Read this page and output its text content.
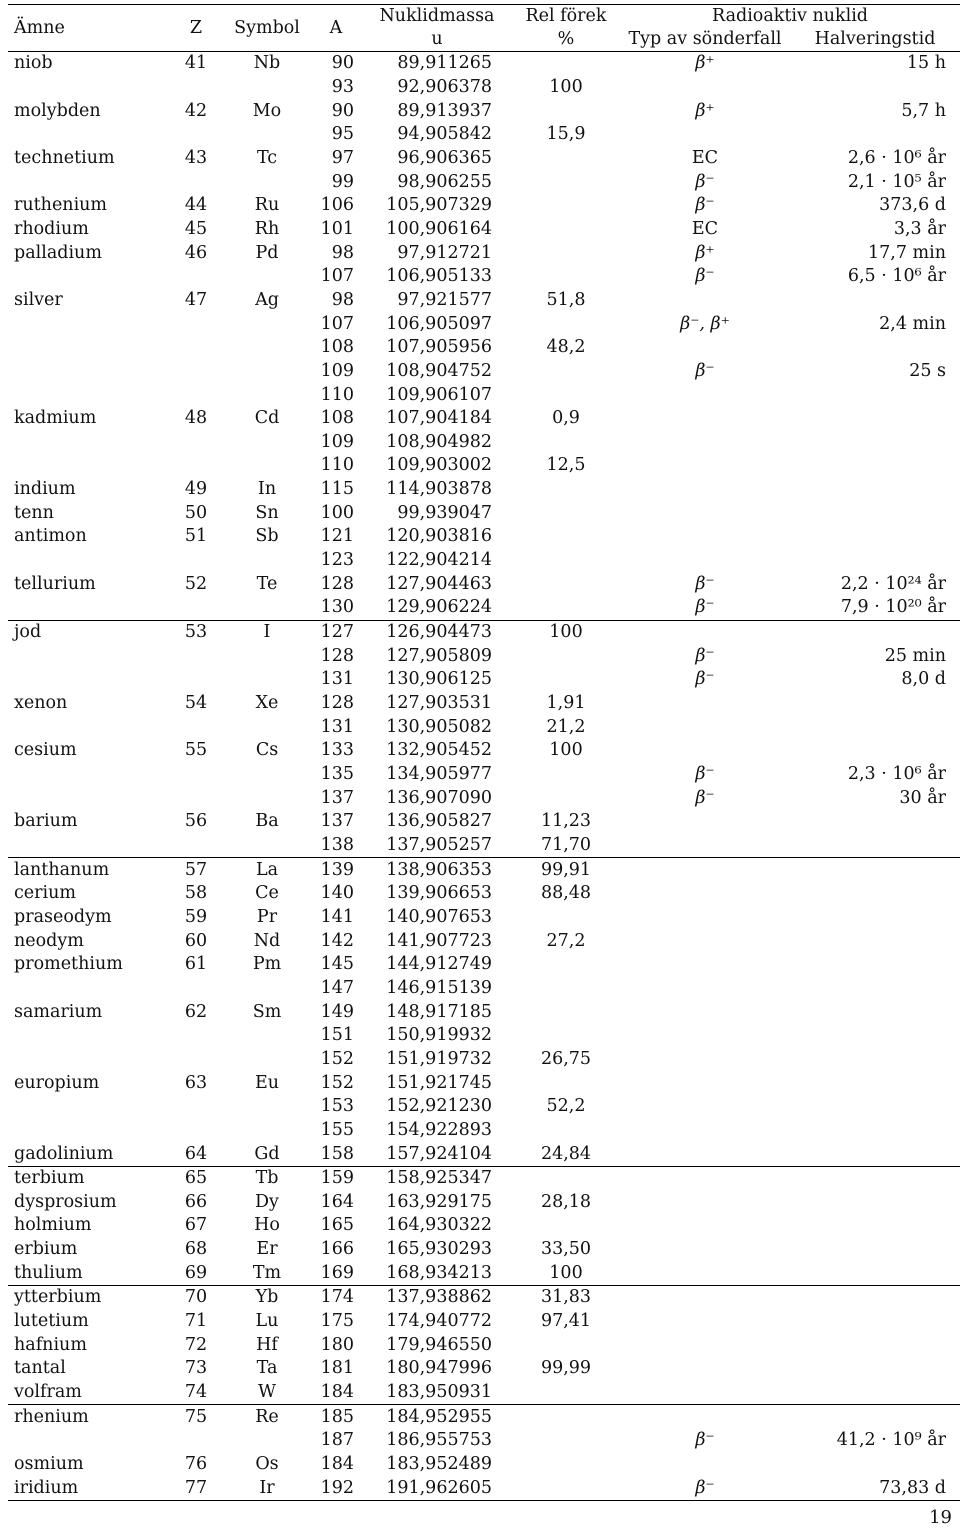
Ämne	Z	Symbol	A	Nuklidmassa	Rel förek	Radioaktiv nuklid	
				u	%	Typ av sönderfall	Halveringstid
niob	41	Nb	90	89,911265		β⁺	15 h
			93	92,906378	100		
molybden	42	Mo	90	89,913937		β⁺	5,7 h
			95	94,905842	15,9		
technetium	43	Tc	97	96,906365		EC	2,6 · 10⁶ år
			99	98,906255		β⁻	2,1 · 10⁵ år
ruthenium	44	Ru	106	105,907329		β⁻	373,6 d
rhodium	45	Rh	101	100,906164		EC	3,3 år
palladium	46	Pd	98	97,912721		β⁺	17,7 min
			107	106,905133		β⁻	6,5 · 10⁶ år
silver	47	Ag	98	97,921577	51,8		
			107	106,905097		β⁻, β⁺	2,4 min
			108	107,905956	48,2		
			109	108,904752		β⁻	25 s
			110	109,906107			
kadmium	48	Cd	108	107,904184	0,9		
			109	108,904982			
			110	109,903002	12,5		
indium	49	In	115	114,903878			
tenn	50	Sn	100	99,939047			
antimon	51	Sb	121	120,903816			
			123	122,904214			
tellurium	52	Te	128	127,904463		β⁻	2,2 · 10²⁴ år
			130	129,906224		β⁻	7,9 · 10²⁰ år
jod	53	I	127	126,904473	100		
			128	127,905809		β⁻	25 min
			131	130,906125		β⁻	8,0 d
xenon	54	Xe	128	127,903531	1,91		
			131	130,905082	21,2		
cesium	55	Cs	133	132,905452	100		
			135	134,905977		β⁻	2,3 · 10⁶ år
			137	136,907090		β⁻	30 år
barium	56	Ba	137	136,905827	11,23		
			138	137,905257	71,70		
lanthanum	57	La	139	138,906353	99,91		
cerium	58	Ce	140	139,906653	88,48		
praseodym	59	Pr	141	140,907653			
neodym	60	Nd	142	141,907723	27,2		
promethium	61	Pm	145	144,912749			
			147	146,915139			
samarium	62	Sm	149	148,917185			
			151	150,919932			
			152	151,919732	26,75		
europium	63	Eu	152	151,921745			
			153	152,921230	52,2		
			155	154,922893			
gadolinium	64	Gd	158	157,924104	24,84		
terbium	65	Tb	159	158,925347			
dysprosium	66	Dy	164	163,929175	28,18		
holmium	67	Ho	165	164,930322			
erbium	68	Er	166	165,930293	33,50		
thulium	69	Tm	169	168,934213	100		
ytterbium	70	Yb	174	137,938862	31,83		
lutetium	71	Lu	175	174,940772	97,41		
hafnium	72	Hf	180	179,946550			
tantal	73	Ta	181	180,947996	99,99		
volfram	74	W	184	183,950931			
rhenium	75	Re	185	184,952955			
			187	186,955753		β⁻	41,2 · 10⁹ år
osmium	76	Os	184	183,952489			
iridium	77	Ir	192	191,962605		β⁻	73,83 d
19
